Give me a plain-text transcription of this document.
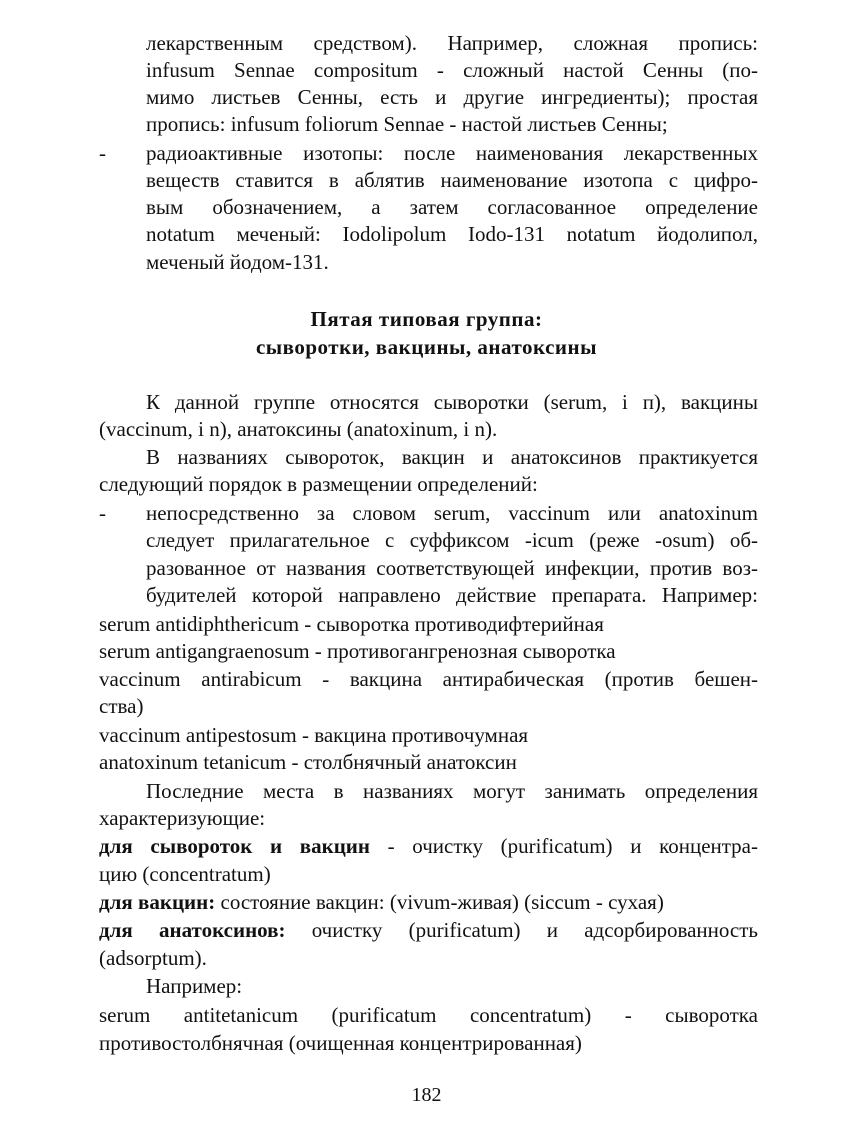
лекарственным средством). Например, сложная пропись:
infusum Sennae compositum - сложный настой Сенны (по-
мимо листьев Сенны, есть и другие ингредиенты); простая
пропись: infusum foliorum Sennae - настой листьев Сенны;
- радиоактивные изотопы: после наименования лекарственных
веществ ставится в аблятив наименование изотопа с цифро-
вым обозначением, а затем согласованное определение
notatum меченый: Iodolipolum Iodo-131 notatum йодолипол,
меченый йодом-131.
Пятая типовая группа:
сыворотки, вакцины, анатоксины
К данной группе относятся сыворотки (serum, i п), вакцины
(vaccinum, i n), анатоксины (anatoxinum, i n).
В названиях сывороток, вакцин и анатоксинов практикуется
следующий порядок в размещении определений:
- непосредственно за словом serum, vaccinum или anatoxinum
следует прилагательное с суффиксом -icum (реже -osum) об-
разованное от названия соответствующей инфекции, против воз-
будителей которой направлено действие препарата. Например:
serum antidiphthericum - сыворотка противодифтерийная
serum antigangraenosum - противогангренозная сыворотка
vaccinum antirabicum - вакцина антирабическая (против бешен-
ства)
vaccinum antipestosum - вакцина противочумная
anatoxinum tetanicum - столбнячный анатоксин
Последние места в названиях могут занимать определения
характеризующие:
для сывороток и вакцин - очистку (purificatum) и концентра-
цию (concentratum)
для вакцин: состояние вакцин: (vivum-живая) (siccum - сухая)
для анатоксинов: очистку (purificatum) и адсорбированность
(adsorptum).
Например:
serum antitetanicum (purificatum concentratum) - сыворотка
противостолбнячная (очищенная концентрированная)
182
